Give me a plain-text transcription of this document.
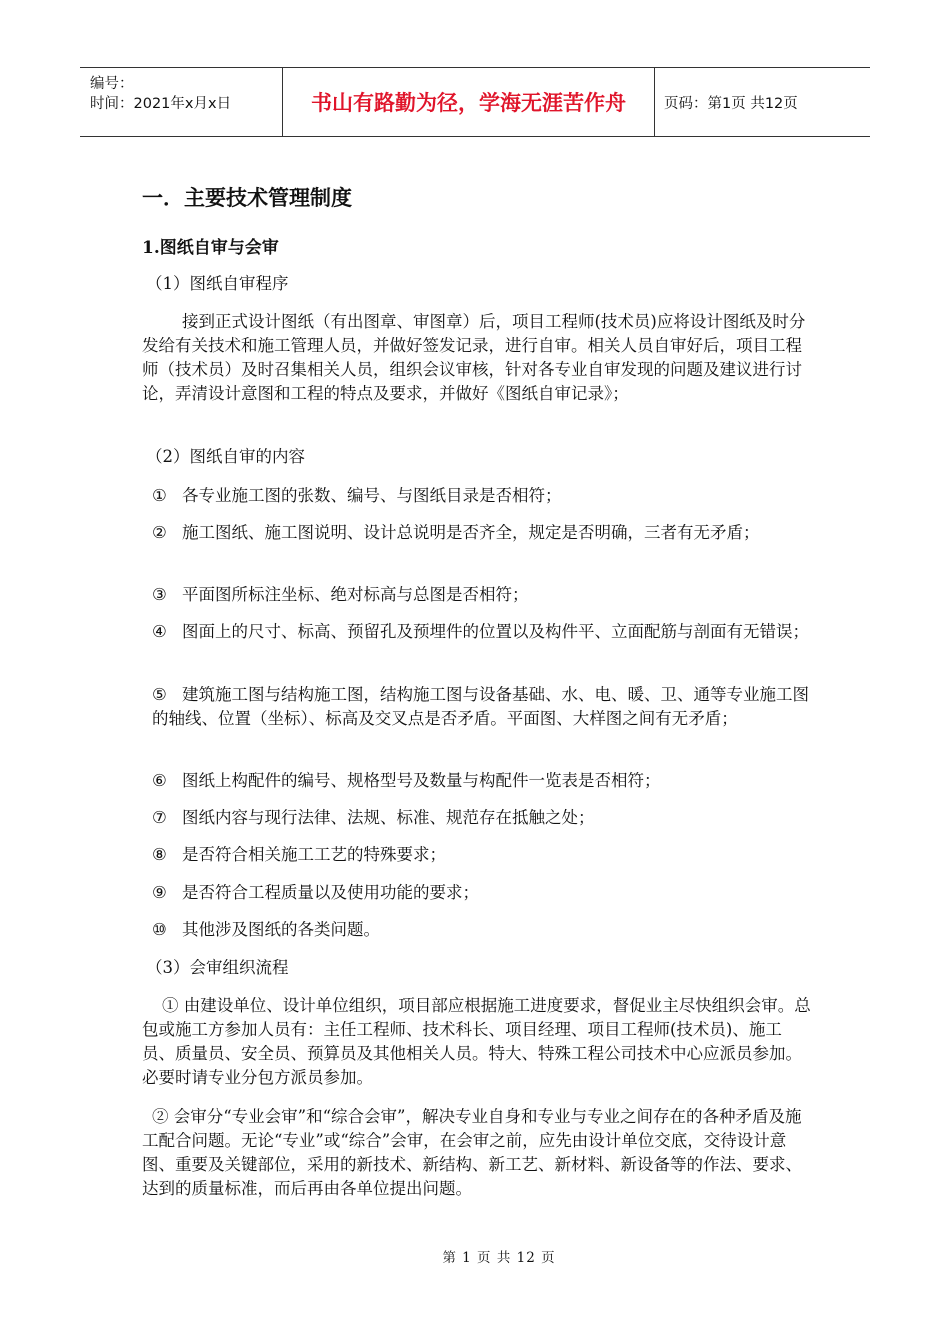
编号：
时间：2021年x月x日	书山有路勤为径，学海无涯苦作舟	页码：第1页 共12页
一．主要技术管理制度
1.图纸自审与会审
（1）图纸自审程序
接到正式设计图纸（有出图章、审图章）后，项目工程师(技术员)应将设计图纸及时分发给有关技术和施工管理人员，并做好签发记录，进行自审。相关人员自审好后，项目工程师（技术员）及时召集相关人员，组织会议审核，针对各专业自审发现的问题及建议进行讨论，弄清设计意图和工程的特点及要求，并做好《图纸自审记录》；
（2）图纸自审的内容
① 各专业施工图的张数、编号、与图纸目录是否相符；
② 施工图纸、施工图说明、设计总说明是否齐全，规定是否明确，三者有无矛盾；
③ 平面图所标注坐标、绝对标高与总图是否相符；
④ 图面上的尺寸、标高、预留孔及预埋件的位置以及构件平、立面配筋与剖面有无错误；
⑤ 建筑施工图与结构施工图，结构施工图与设备基础、水、电、暖、卫、通等专业施工图的轴线、位置（坐标）、标高及交叉点是否矛盾。平面图、大样图之间有无矛盾；
⑥ 图纸上构配件的编号、规格型号及数量与构配件一览表是否相符；
⑦ 图纸内容与现行法律、法规、标准、规范存在抵触之处；
⑧ 是否符合相关施工工艺的特殊要求；
⑨ 是否符合工程质量以及使用功能的要求；
⑩ 其他涉及图纸的各类问题。
（3）会审组织流程
① 由建设单位、设计单位组织，项目部应根据施工进度要求，督促业主尽快组织会审。总包或施工方参加人员有：主任工程师、技术科长、项目经理、项目工程师(技术员)、施工员、质量员、安全员、预算员及其他相关人员。特大、特殊工程公司技术中心应派员参加。必要时请专业分包方派员参加。
② 会审分“专业会审”和“综合会审”，解决专业自身和专业与专业之间存在的各种矛盾及施工配合问题。无论“专业”或“综合”会审，在会审之前，应先由设计单位交底，交待设计意图、重要及关键部位，采用的新技术、新结构、新工艺、新材料、新设备等的作法、要求、达到的质量标准，而后再由各单位提出问题。
第 1 页 共 12 页
